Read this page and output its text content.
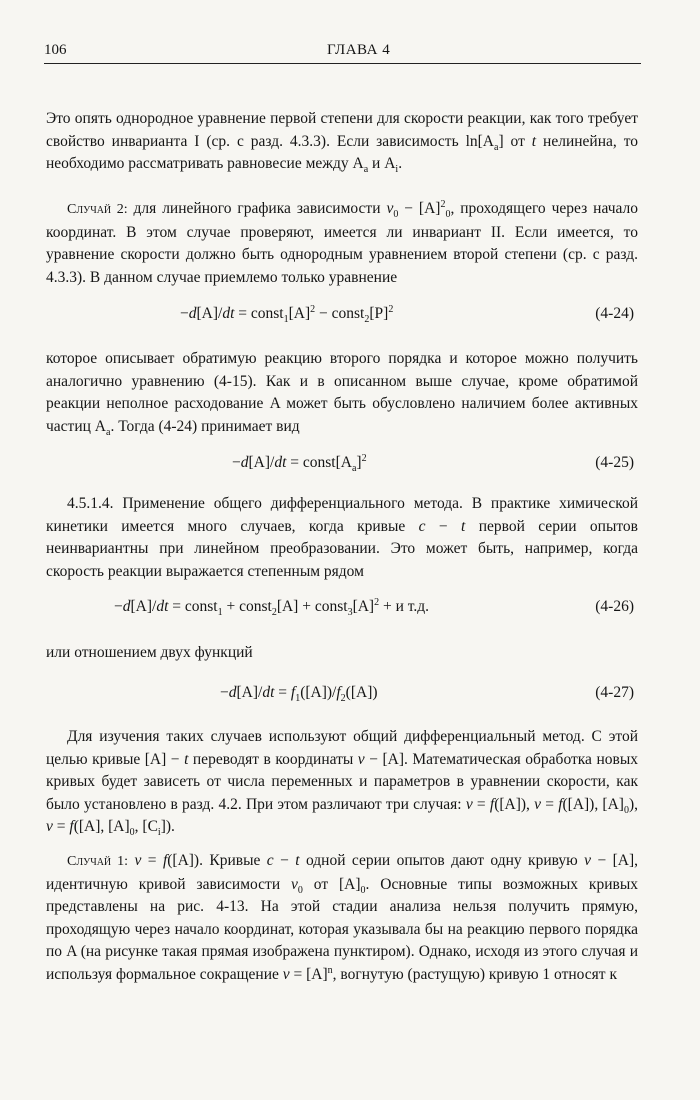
106	ГЛАВА 4

Это опять однородное уравнение первой степени для скорости реакции, как того требует свойство инварианта I (ср. с разд. 4.3.3). Если зависимость $\ln[A_a]$ от t нелинейна, то необходимо рассматривать равновесие между $A_a$ и $A_i$.

Случай 2: для линейного графика зависимости $v_0 - [A]^2_0$, проходящего через начало координат. В этом случае проверяют, имеется ли инвариант II. Если имеется, то уравнение скорости должно быть однородным уравнением второй степени (ср. с разд. 4.3.3). В данном случае приемлемо только уравнение

$-d[A]/dt = const_1[A]^2$ − $const_2[P]^2$	(4-24)

которое описывает обратимую реакцию второго порядка и которое можно получить аналогично уравнению (4-15). Как и в описанном выше случае, кроме обратимой реакции неполное расходование A может быть обусловлено наличием более активных частиц $A_a$. Тогда (4-24) принимает вид

$-d[A]/dt = const[A_a]^2$	(4-25)

4.5.1.4. Применение общего дифференциального метода. В практике химической кинетики имеется много случаев, когда кривые c − t первой серии опытов неинвариантны при линейном преобразовании. Это может быть, например, когда скорость реакции выражается степенным рядом

−d[A]/dt = const$_1$ + const$_2$[A] + $const_3[A]^2 + и$ т.д.	(4-26)

или отношением двух функций

$-d[A]/dt = f_1([A])/f_2([A])$	(4-27)

Для изучения таких случаев используют общий дифференциальный метод. С этой целью кривые [A] − t переводят в координаты v − [A]. Математическая обработка новых кривых будет зависеть от числа переменных и параметров в уравнении скорости, как было установлено в разд. 4.2. При этом различают три случая: v = f([A]), v = f([A]), $[A]_0$), v = f([A], $[A]_0$, $[C_i]$).

Случай 1: v = f([A]). Кривые c − t одной серии опытов дают одну кривую v − [A], идентичную кривой зависимости $v_0$ от $[A]_0$. Основные типы возможных кривых представлены на рис. 4-13. На этой стадии анализа нельзя получить прямую, проходящую через начало координат, которая указывала бы на реакцию первого порядка по A (на рисунке такая прямая изображена пунктиром). Однако, исходя из этого случая и используя формальное сокращение $v = [A]^n$, вогнутую (растущую) кривую 1 относят к
